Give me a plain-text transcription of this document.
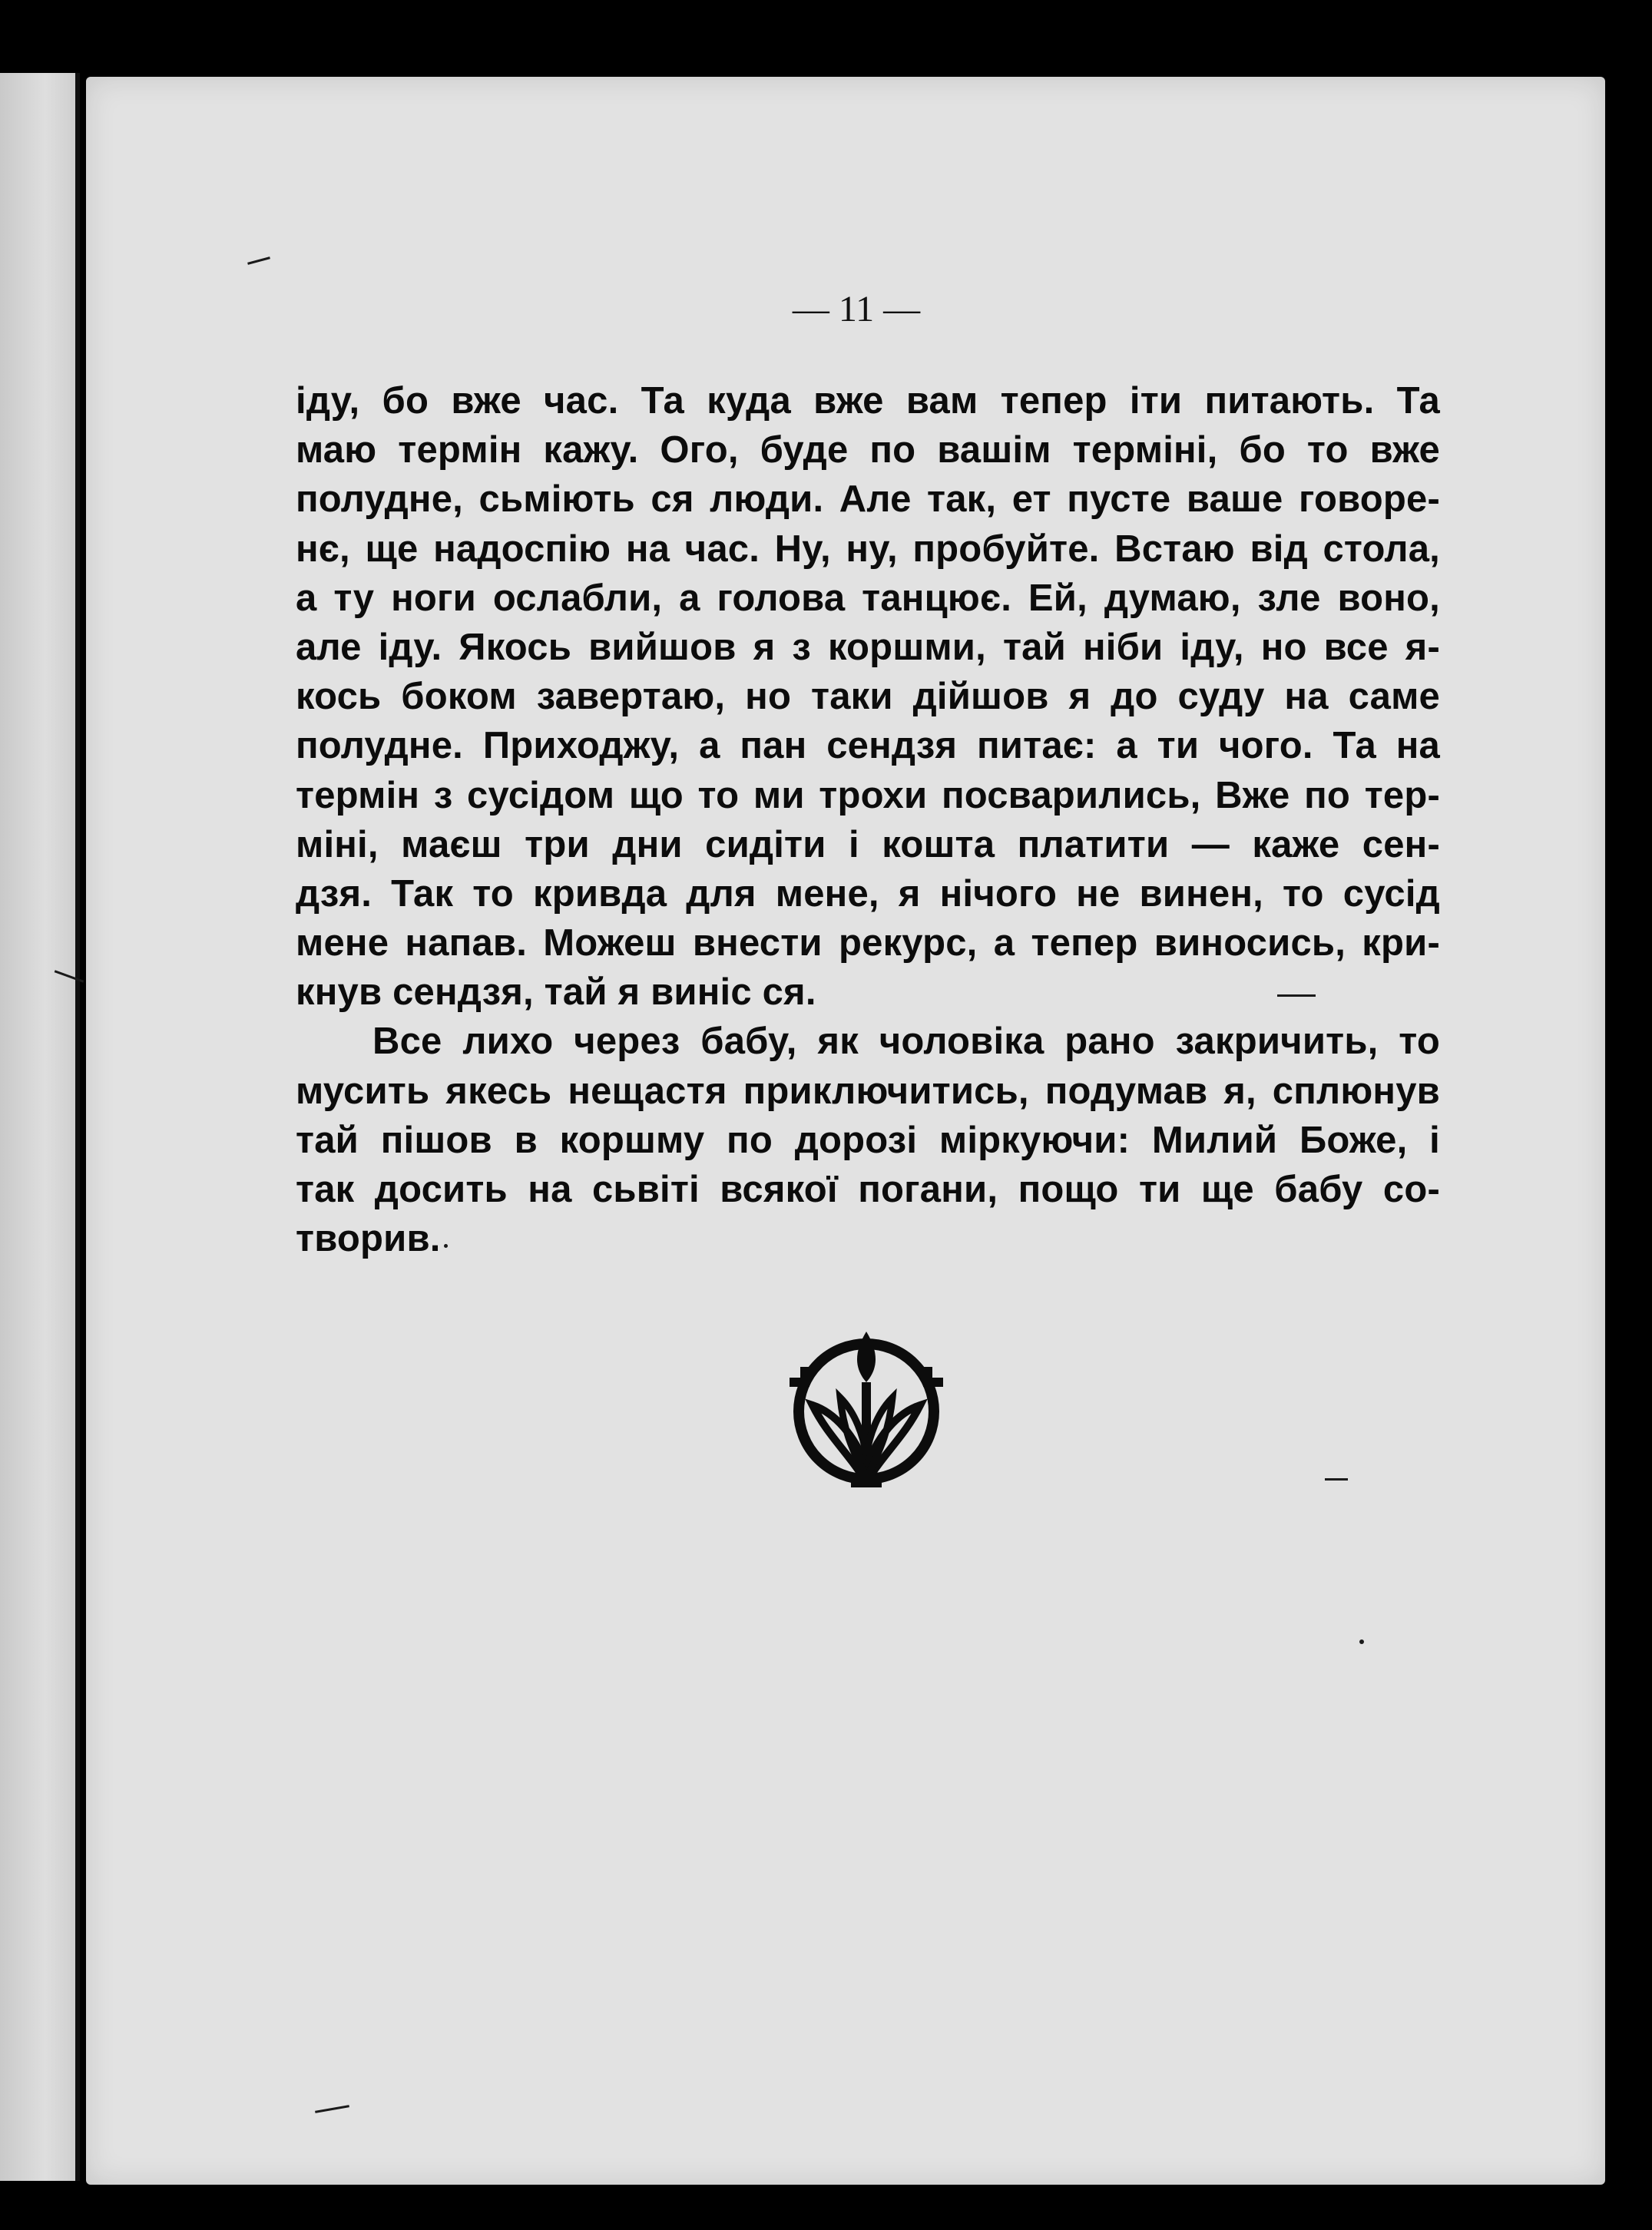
— 11 —
іду, бо вже час. Та куда вже вам тепер іти питають. Та
маю термін кажу. Ого, буде по вашім терміні, бо то вже
полудне, сьміють ся люди. Але так, ет пусте ваше говоре-
нє, ще надоспію на час. Ну, ну, пробуйте. Встаю від стола,
а ту ноги ослабли, а голова танцює. Ей, думаю, зле воно,
але іду. Якось вийшов я з коршми, тай ніби іду, но все я-
кось боком завертаю, но таки дійшов я до суду на саме
полудне. Приходжу, а пан сендзя питає: а ти чого. Та на
термін з сусідом що то ми трохи посварились, Вже по тер-
міні, маєш три дни сидіти і кошта платити — каже сен-
дзя. Так то кривда для мене, я нічого не винен, то сусід
мене напав. Можеш внести рекурс, а тепер виносись, кри-
кнув сендзя, тай я виніс ся.
Все лихо через бабу, як чоловіка рано закричить, то
мусить якесь нещастя приключитись, подумав я, сплюнув
тай пішов в коршму по дорозі міркуючи: Милий Боже, і
так досить на сьвіті всякої погани, пощо ти ще бабу со-
творив.
